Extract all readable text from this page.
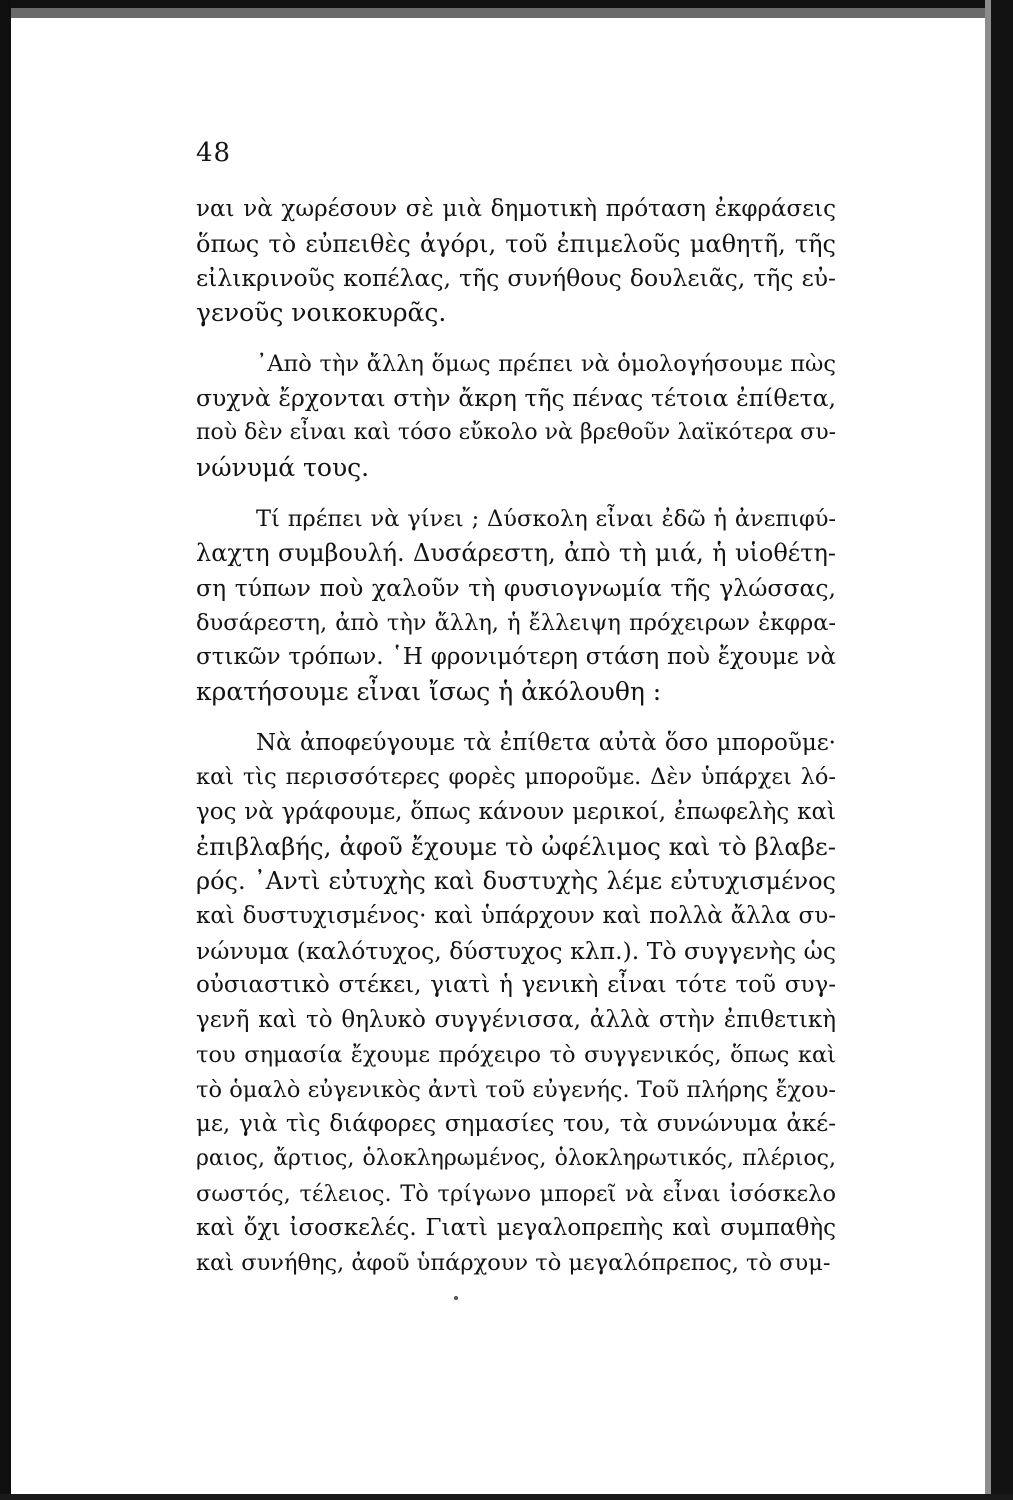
48
ναι νὰ χωρέσουν σὲ μιὰ δημοτικὴ πρόταση ἐκφράσεις
ὅπως τὸ εὐπειθὲς ἀγόρι, τοῦ ἐπιμελοῦς μαθητῆ, τῆς
εἰλικρινοῦς κοπέλας, τῆς συνήθους δουλειᾶς, τῆς εὐ-
γενοῦς νοικοκυρᾶς.
᾿Απὸ τὴν ἄλλη ὅμως πρέπει νὰ ὁμολογήσουμε πὼς
συχνὰ ἔρχονται στὴν ἄκρη τῆς πένας τέτοια ἐπίθετα,
ποὺ δὲν εἶναι καὶ τόσο εὔκολο νὰ βρεθοῦν λαϊκότερα συ-
νώνυμά τους.
Τί πρέπει νὰ γίνει ; Δύσκολη εἶναι ἐδῶ ἡ ἀνεπιφύ-
λαχτη συμβουλή. Δυσάρεστη, ἀπὸ τὴ μιά, ἡ υἱοθέτη-
ση τύπων ποὺ χαλοῦν τὴ φυσιογνωμία τῆς γλώσσας,
δυσάρεστη, ἀπὸ τὴν ἄλλη, ἡ ἔλλειψη πρόχειρων ἐκφρα-
στικῶν τρόπων. ῾Η φρονιμότερη στάση ποὺ ἔχουμε νὰ
κρατήσουμε εἶναι ἴσως ἡ ἀκόλουθη :
Νὰ ἀποφεύγουμε τὰ ἐπίθετα αὐτὰ ὅσο μποροῦμε·
καὶ τὶς περισσότερες φορὲς μποροῦμε. Δὲν ὑπάρχει λό-
γος νὰ γράφουμε, ὅπως κάνουν μερικοί, ἐπωφελὴς καὶ
ἐπιβλαβής, ἀφοῦ ἔχουμε τὸ ὠφέλιμος καὶ τὸ βλαβε-
ρός. ᾿Αντὶ εὐτυχὴς καὶ δυστυχὴς λέμε εὐτυχισμένος
καὶ δυστυχισμένος· καὶ ὑπάρχουν καὶ πολλὰ ἄλλα συ-
νώνυμα (καλότυχος, δύστυχος κλπ.). Τὸ συγγενὴς ὡς
οὐσιαστικὸ στέκει, γιατὶ ἡ γενικὴ εἶναι τότε τοῦ συγ-
γενῆ καὶ τὸ θηλυκὸ συγγένισσα, ἀλλὰ στὴν ἐπιθετικὴ
του σημασία ἔχουμε πρόχειρο τὸ συγγενικός, ὅπως καὶ
τὸ ὁμαλὸ εὐγενικὸς ἀντὶ τοῦ εὐγενής. Τοῦ πλήρης ἔχου-
με, γιὰ τὶς διάφορες σημασίες του, τὰ συνώνυμα ἀκέ-
ραιος, ἄρτιος, ὁλοκληρωμένος, ὁλοκληρωτικός, πλέριος,
σωστός, τέλειος. Τὸ τρίγωνο μπορεῖ νὰ εἶναι ἰσόσκελο
καὶ ὄχι ἰσοσκελές. Γιατὶ μεγαλοπρεπὴς καὶ συμπαθὴς
καὶ συνήθης, ἀφοῦ ὑπάρχουν τὸ μεγαλόπρεπος, τὸ συμ-
